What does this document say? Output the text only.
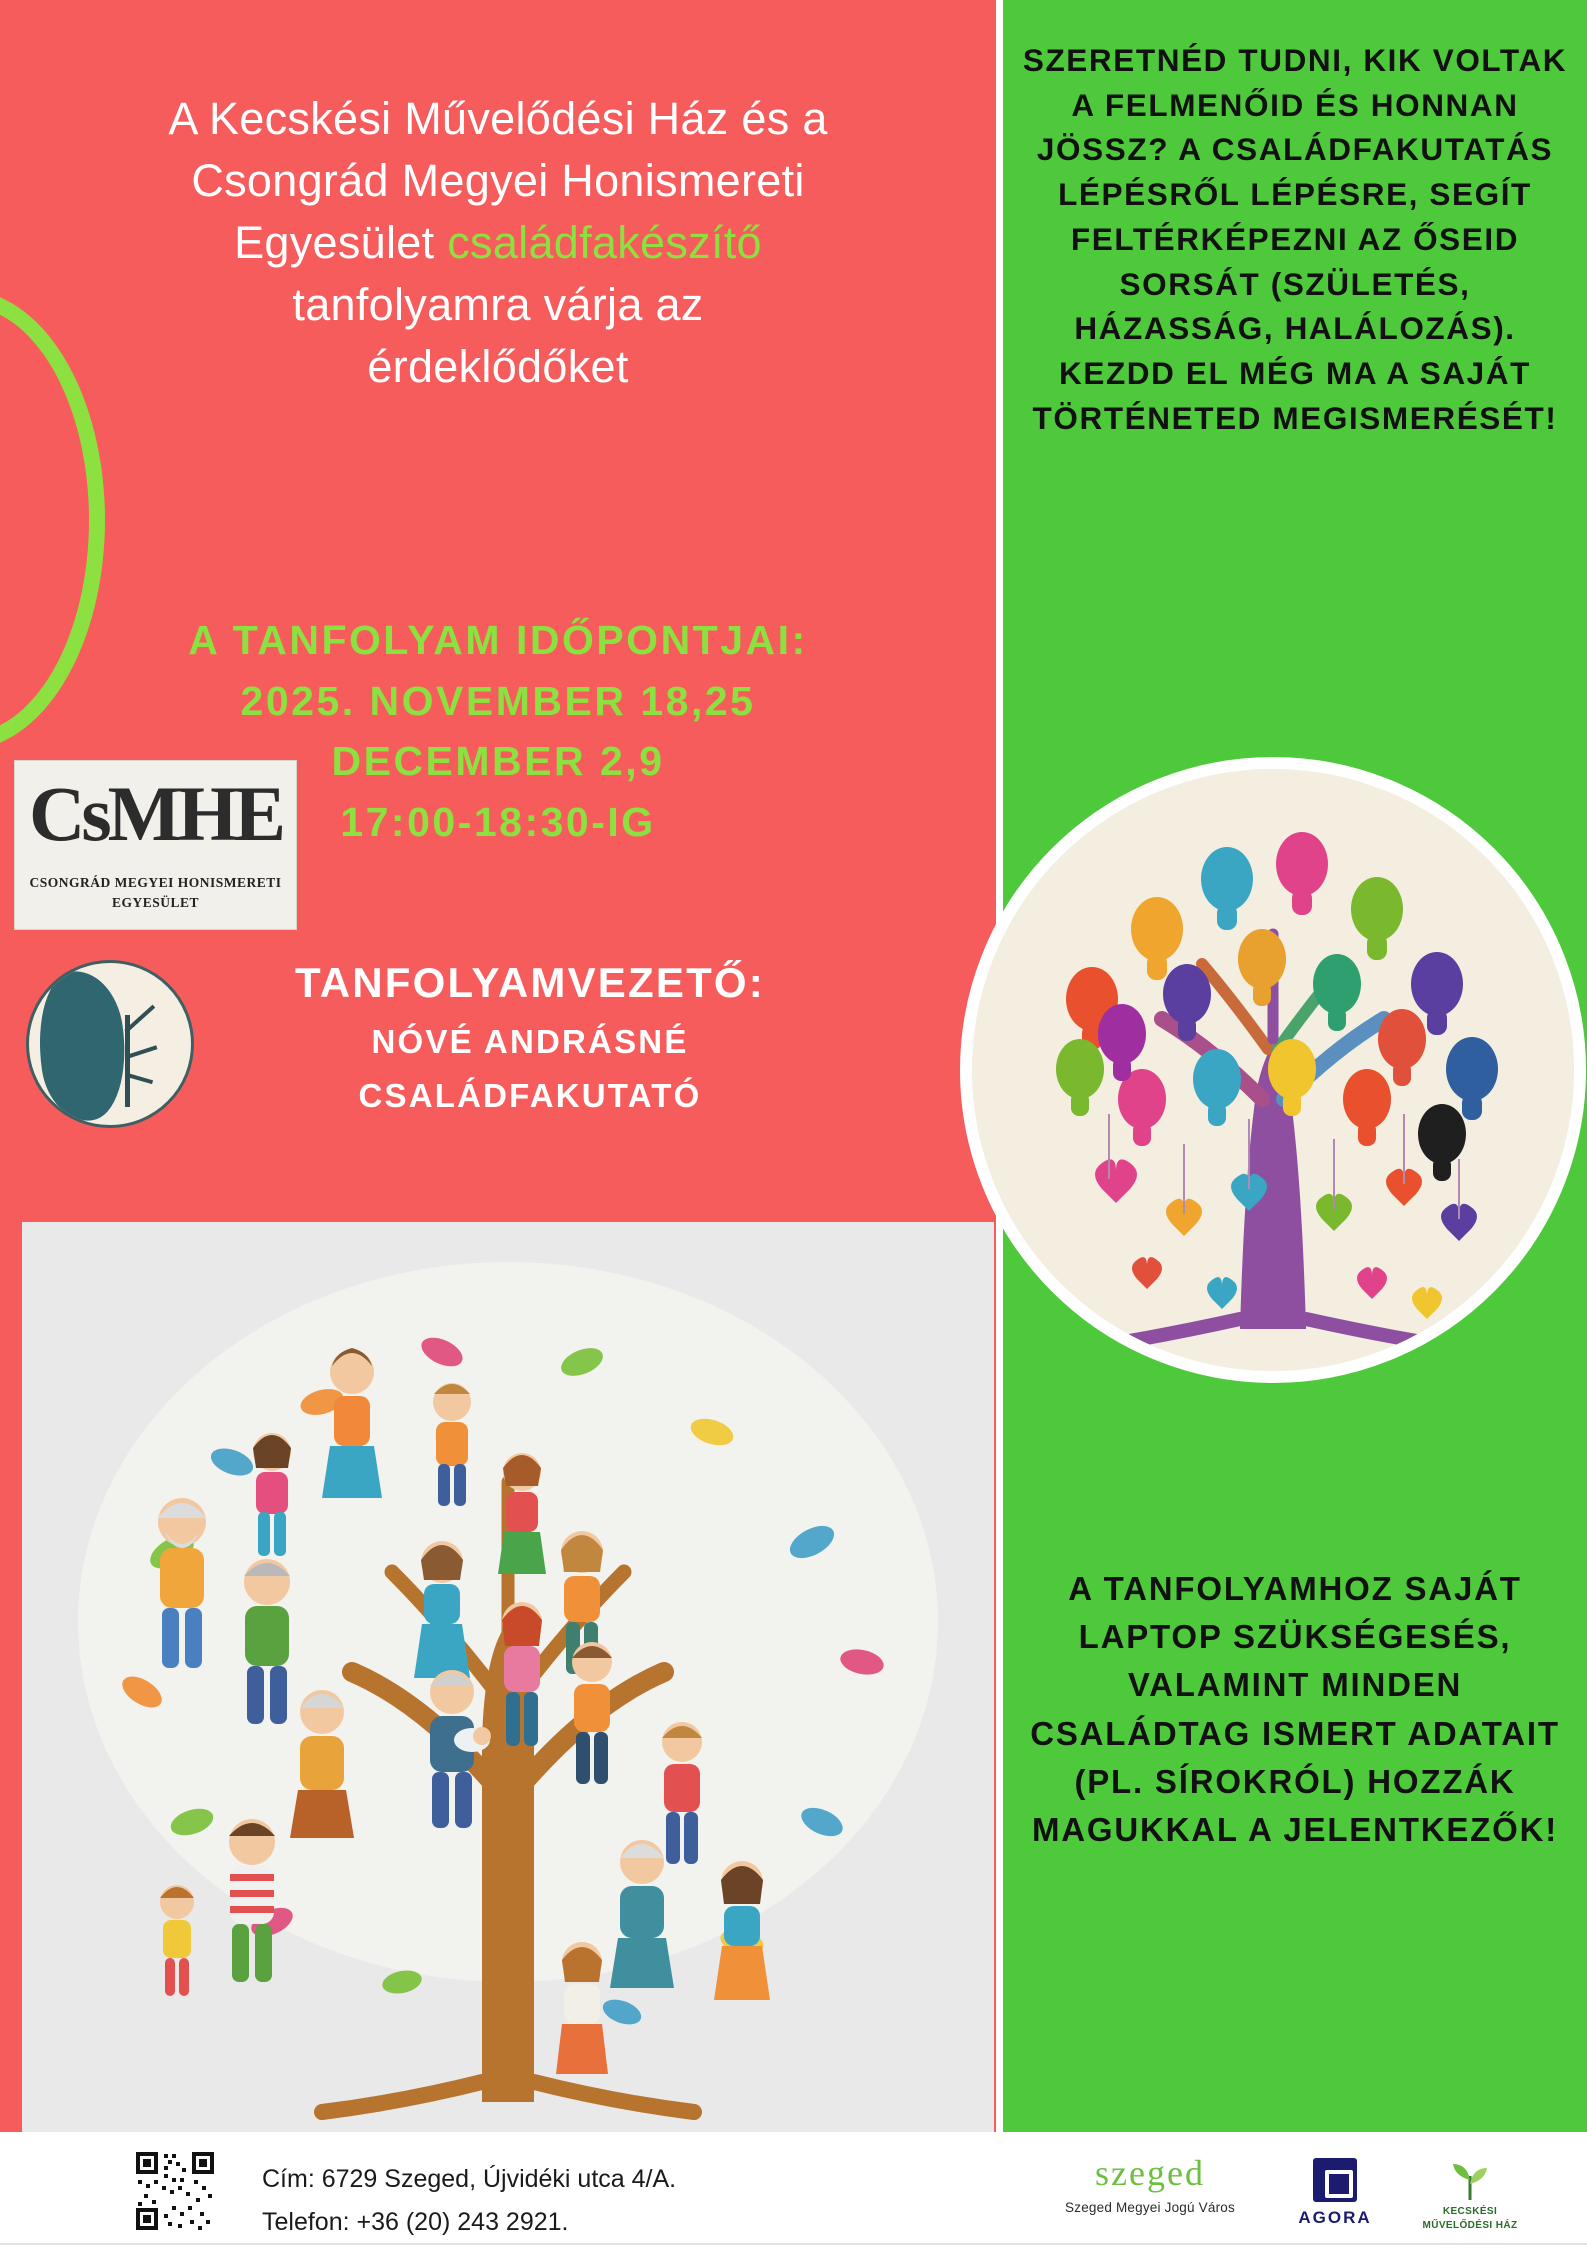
A Kecskési Művelődési Ház és a
Csongrád Megyei Honismereti
Egyesület családfakészítő
tanfolyamra várja az
érdeklődőket
A TANFOLYAM IDŐPONTJAI:
2025. NOVEMBER 18,25
DECEMBER 2,9
17:00-18:30-IG
CsMHE
CSONGRÁD MEGYEI HONISMERETI
EGYESÜLET
TANFOLYAMVEZETŐ:
NÓVÉ ANDRÁSNÉ
CSALÁDFAKUTATÓ
SZERETNÉD TUDNI, KIK VOLTAK A FELMENŐID ÉS HONNAN JÖSSZ? A CSALÁDFAKUTATÁS LÉPÉSRŐL LÉPÉSRE, SEGÍT FELTÉRKÉPEZNI AZ ŐSEID SORSÁT (SZÜLETÉS, HÁZASSÁG, HALÁLOZÁS). KEZDD EL MÉG MA A SAJÁT TÖRTÉNETED MEGISMERÉSÉT!
A TANFOLYAMHOZ SAJÁT LAPTOP SZÜKSÉGESÉS, VALAMINT MINDEN CSALÁDTAG ISMERT ADATAIT (PL. SÍROKRÓL) HOZZÁK MAGUKKAL A JELENTKEZŐK!
Cím: 6729 Szeged, Újvidéki utca 4/A.
Telefon: +36 (20) 243 2921.
szeged
Szeged Megyei Jogú Város
AGORA	KECSKÉSI
MŰVELŐDÉSI HÁZ
